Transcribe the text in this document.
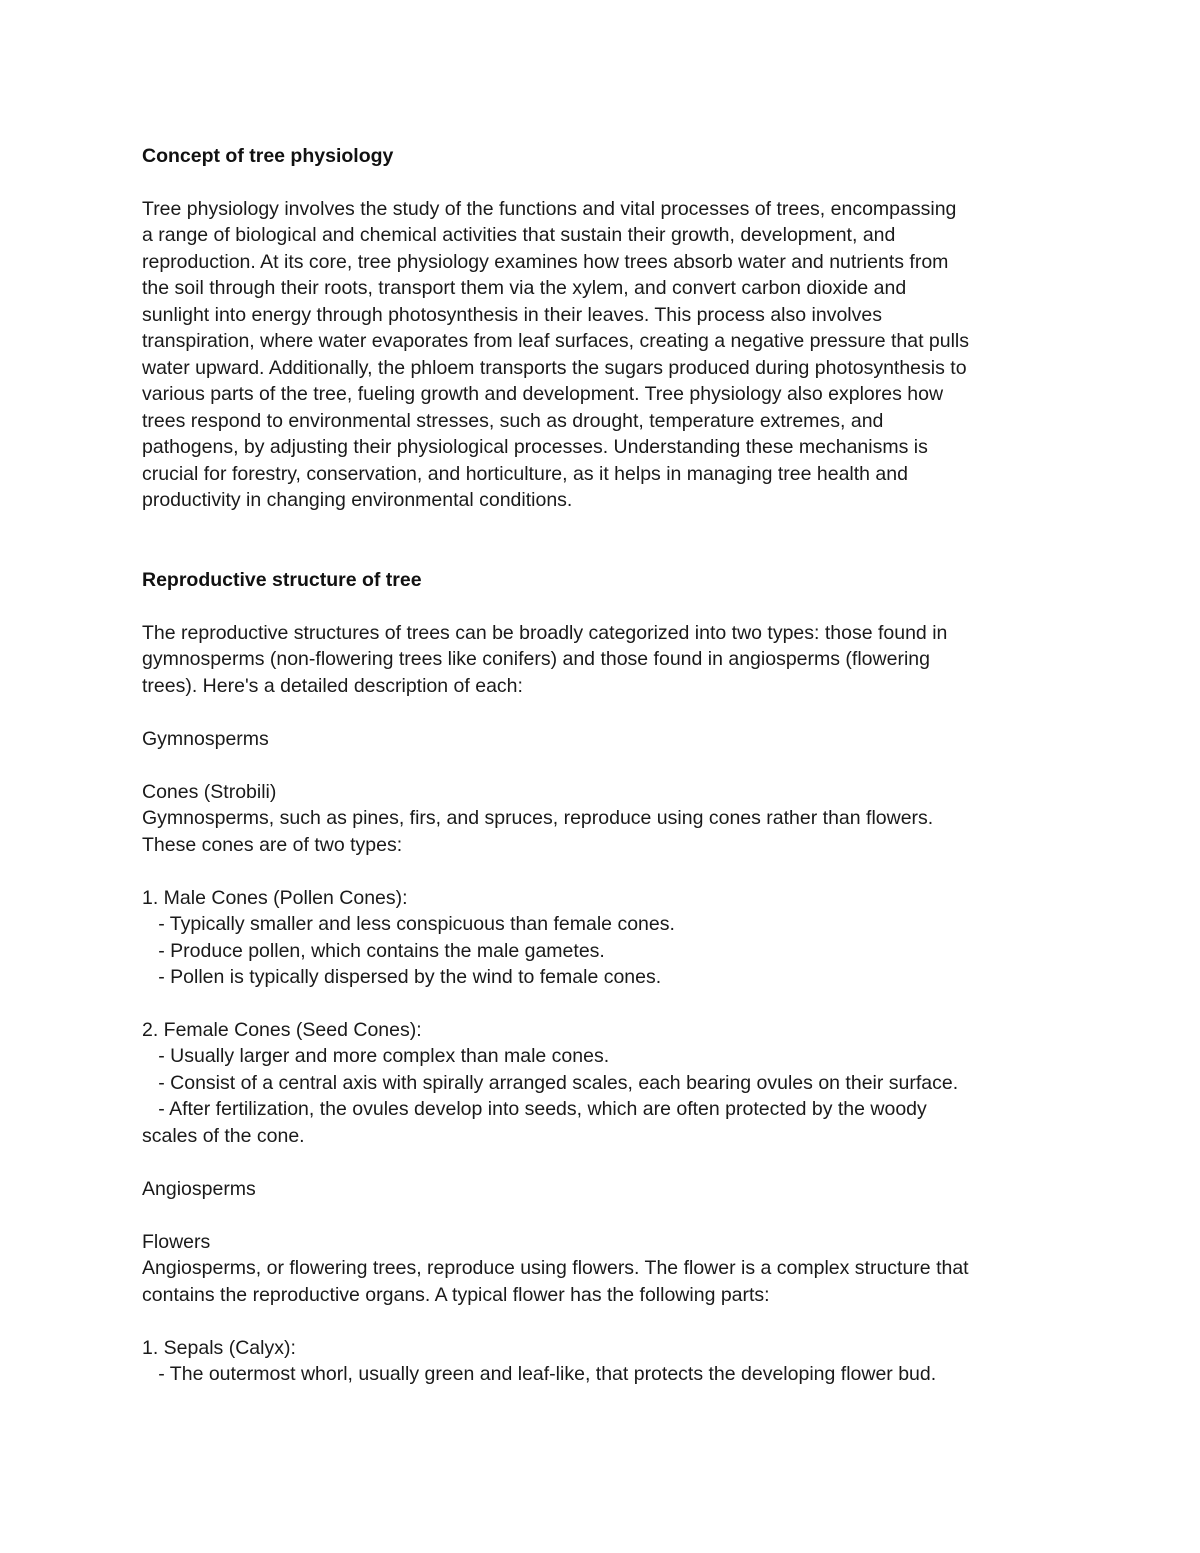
Concept of tree physiology
Tree physiology involves the study of the functions and vital processes of trees, encompassing
a range of biological and chemical activities that sustain their growth, development, and
reproduction. At its core, tree physiology examines how trees absorb water and nutrients from
the soil through their roots, transport them via the xylem, and convert carbon dioxide and
sunlight into energy through photosynthesis in their leaves. This process also involves
transpiration, where water evaporates from leaf surfaces, creating a negative pressure that pulls
water upward. Additionally, the phloem transports the sugars produced during photosynthesis to
various parts of the tree, fueling growth and development. Tree physiology also explores how
trees respond to environmental stresses, such as drought, temperature extremes, and
pathogens, by adjusting their physiological processes. Understanding these mechanisms is
crucial for forestry, conservation, and horticulture, as it helps in managing tree health and
productivity in changing environmental conditions.
Reproductive structure of tree
The reproductive structures of trees can be broadly categorized into two types: those found in
gymnosperms (non-flowering trees like conifers) and those found in angiosperms (flowering
trees). Here's a detailed description of each:
Gymnosperms
Cones (Strobili)
Gymnosperms, such as pines, firs, and spruces, reproduce using cones rather than flowers.
These cones are of two types:
1. Male Cones (Pollen Cones):
- Typically smaller and less conspicuous than female cones.
- Produce pollen, which contains the male gametes.
- Pollen is typically dispersed by the wind to female cones.
2. Female Cones (Seed Cones):
- Usually larger and more complex than male cones.
- Consist of a central axis with spirally arranged scales, each bearing ovules on their surface.
- After fertilization, the ovules develop into seeds, which are often protected by the woody
scales of the cone.
Angiosperms
Flowers
Angiosperms, or flowering trees, reproduce using flowers. The flower is a complex structure that
contains the reproductive organs. A typical flower has the following parts:
1. Sepals (Calyx):
- The outermost whorl, usually green and leaf-like, that protects the developing flower bud.
